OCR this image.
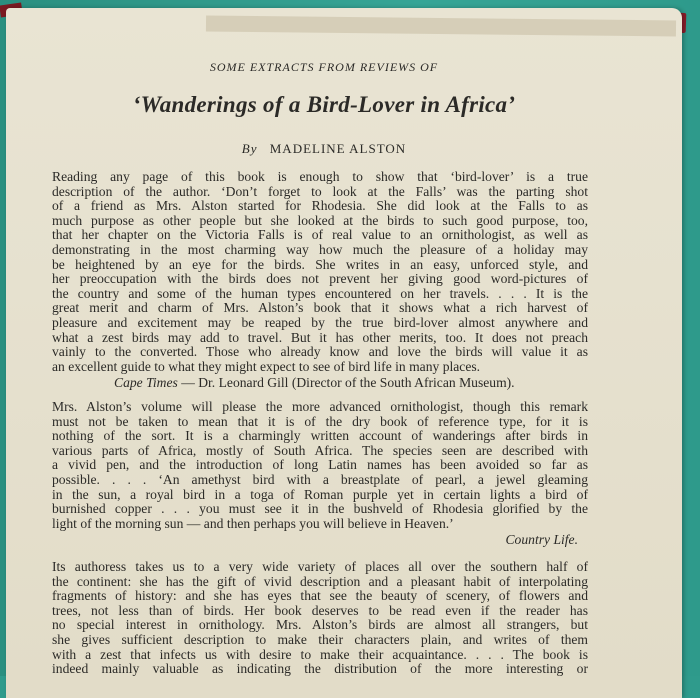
SOME EXTRACTS FROM REVIEWS OF
‘Wanderings of a Bird-Lover in Africa’
By MADELINE ALSTON

Reading any page of this book is enough to show that ‘bird-lover’ is a true
description of the author. ‘Don’t forget to look at the Falls’ was the parting shot
of a friend as Mrs. Alston started for Rhodesia. She did look at the Falls to as
much purpose as other people but she looked at the birds to such good purpose, too,
that her chapter on the Victoria Falls is of real value to an ornithologist, as well as
demonstrating in the most charming way how much the pleasure of a holiday may
be heightened by an eye for the birds. She writes in an easy, unforced style, and
her preoccupation with the birds does not prevent her giving good word-pictures of
the country and some of the human types encountered on her travels. . . . It is the
great merit and charm of Mrs. Alston’s book that it shows what a rich harvest of
pleasure and excitement may be reaped by the true bird-lover almost anywhere and
what a zest birds may add to travel. But it has other merits, too. It does not preach
vainly to the converted. Those who already know and love the birds will value it as
an excellent guide to what they might expect to see of bird life in many places.

Cape Times — Dr. Leonard Gill (Director of the South African Museum).

Mrs. Alston’s volume will please the more advanced ornithologist, though this remark
must not be taken to mean that it is of the dry book of reference type, for it is
nothing of the sort. It is a charmingly written account of wanderings after birds in
various parts of Africa, mostly of South Africa. The species seen are described with
a vivid pen, and the introduction of long Latin names has been avoided so far as
possible. . . . ‘An amethyst bird with a breastplate of pearl, a jewel gleaming
in the sun, a royal bird in a toga of Roman purple yet in certain lights a bird of
burnished copper . . . you must see it in the bushveld of Rhodesia glorified by the
light of the morning sun — and then perhaps you will believe in Heaven.’

Country Life.

Its authoress takes us to a very wide variety of places all over the southern half of
the continent: she has the gift of vivid description and a pleasant habit of interpolating
fragments of history: and she has eyes that see the beauty of scenery, of flowers and
trees, not less than of birds. Her book deserves to be read even if the reader has
no special interest in ornithology. Mrs. Alston’s birds are almost all strangers, but
she gives sufficient description to make their characters plain, and writes of them
with a zest that infects us with desire to make their acquaintance. . . . The book is
indeed mainly valuable as indicating the distribution of the more interesting or
